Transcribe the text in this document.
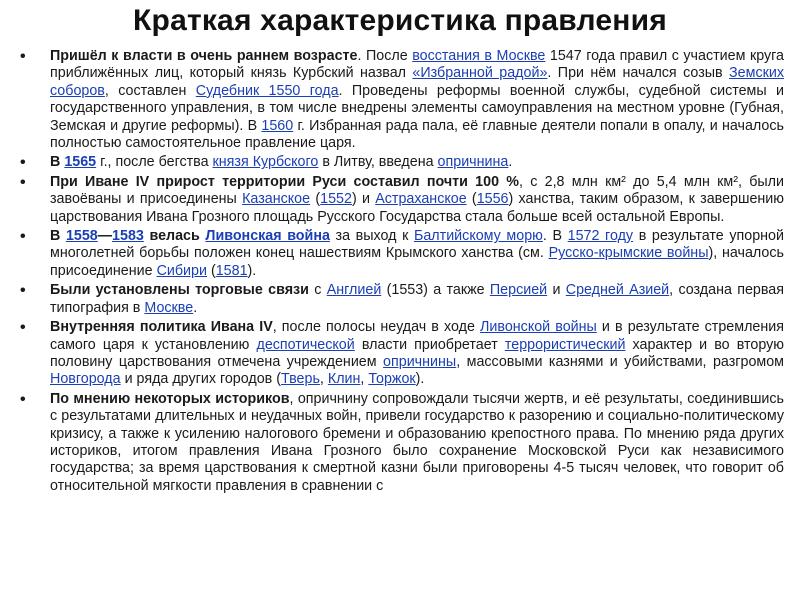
Краткая характеристика правления
• Пришёл к власти в очень раннем возрасте. После восстания в Москве 1547 года правил с участием круга приближённых лиц, который князь Курбский назвал «Избранной радой». При нём начался созыв Земских соборов, составлен Судебник 1550 года. Проведены реформы военной службы, судебной системы и государственного управления, в том числе внедрены элементы самоуправления на местном уровне (Губная, Земская и другие реформы). В 1560 г. Избранная рада пала, её главные деятели попали в опалу, и началось полностью самостоятельное правление царя.
• В 1565 г., после бегства князя Курбского в Литву, введена опричнина.
• При Иване IV прирост территории Руси составил почти 100 %, с 2,8 млн км² до 5,4 млн км², были завоёваны и присоединены Казанское (1552) и Астраханское (1556) ханства, таким образом, к завершению царствования Ивана Грозного площадь Русского Государства стала больше всей остальной Европы.
• В 1558—1583 велась Ливонская война за выход к Балтийскому морю. В 1572 году в результате упорной многолетней борьбы положен конец нашествиям Крымского ханства (см. Русско-крымские войны), началось присоединение Сибири (1581).
• Были установлены торговые связи с Англией (1553) а также Персией и Средней Азией, создана первая типография в Москве.
• Внутренняя политика Ивана IV, после полосы неудач в ходе Ливонской войны и в результате стремления самого царя к установлению деспотической власти приобретает террористический характер и во вторую половину царствования отмечена учреждением опричнины, массовыми казнями и убийствами, разгромом Новгорода и ряда других городов (Тверь, Клин, Торжок).
• По мнению некоторых историков, опричнину сопровождали тысячи жертв, и её результаты, соединившись с результатами длительных и неудачных войн, привели государство к разорению и социально-политическому кризису, а также к усилению налогового бремени и образованию крепостного права. По мнению ряда других историков, итогом правления Ивана Грозного было сохранение Московской Руси как независимого государства; за время царствования к смертной казни были приговорены 4-5 тысяч человек, что говорит об относительной мягкости правления в сравнении с
